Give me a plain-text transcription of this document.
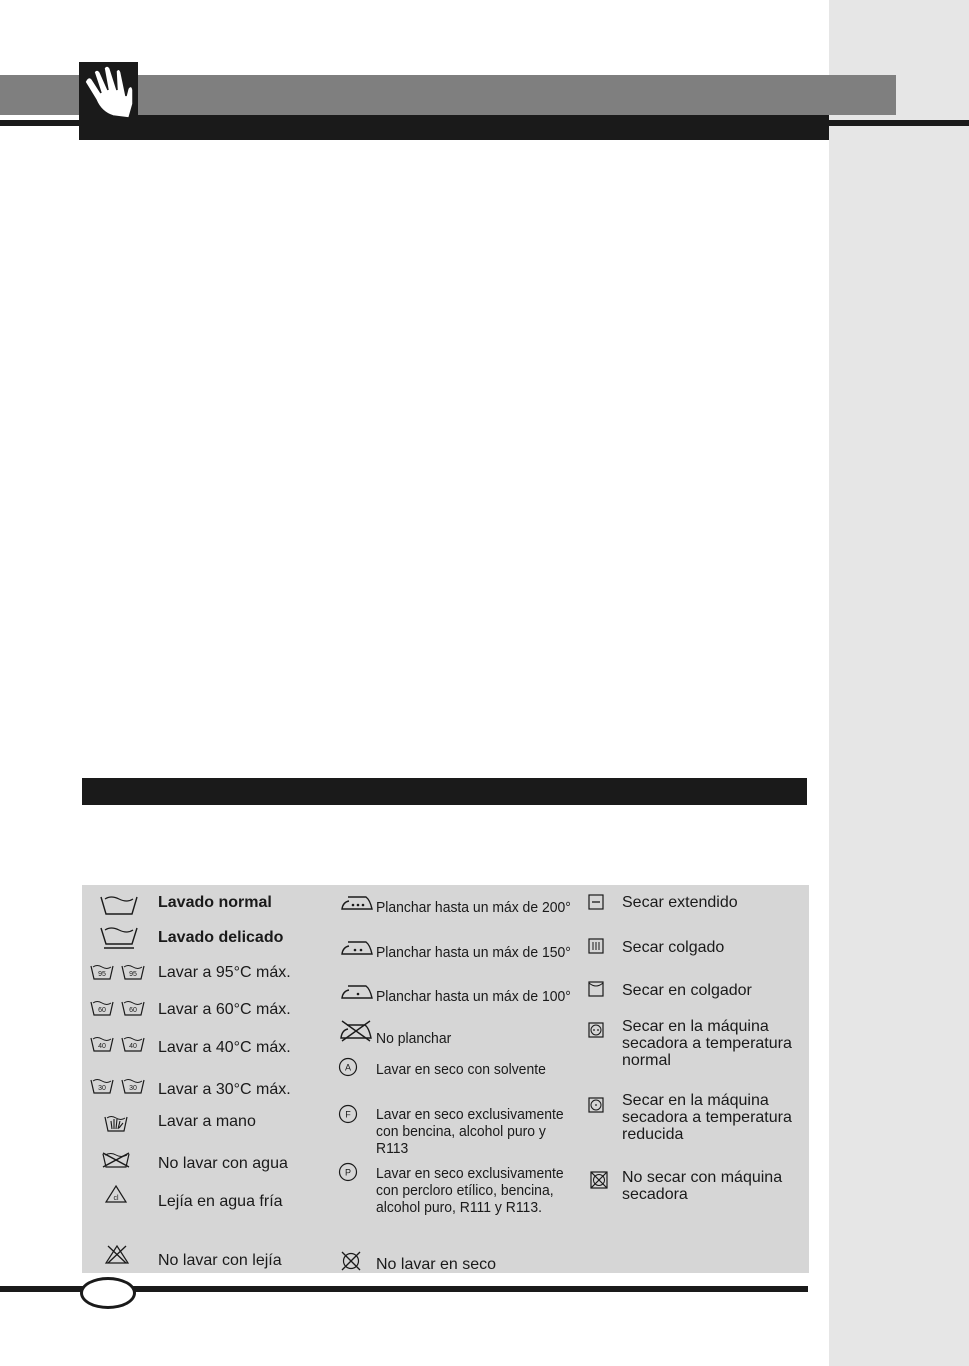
Lavado normal
Lavado delicado
95	95 Lavar a 95°C máx.
60	60 Lavar a 60°C máx.
40	40 Lavar a 40°C máx.
30	30 Lavar a 30°C máx.
Lavar a mano
No lavar con agua
cl Lejía en agua fría
No lavar con lejía
Planchar hasta un máx de 200°
Planchar hasta un máx de 150°
Planchar hasta un máx de 100°
No planchar
A Lavar en seco con solvente
F Lavar en seco exclusivamente con bencina, alcohol puro y R113
P Lavar en seco exclusivamente con percloro etílico, bencina, alcohol puro, R111 y R113.
No lavar en seco
Secar extendido
Secar colgado
Secar en colgador
Secar en la máquina secadora a temperatura normal
Secar en la máquina secadora a temperatura reducida
No secar con máquina secadora
